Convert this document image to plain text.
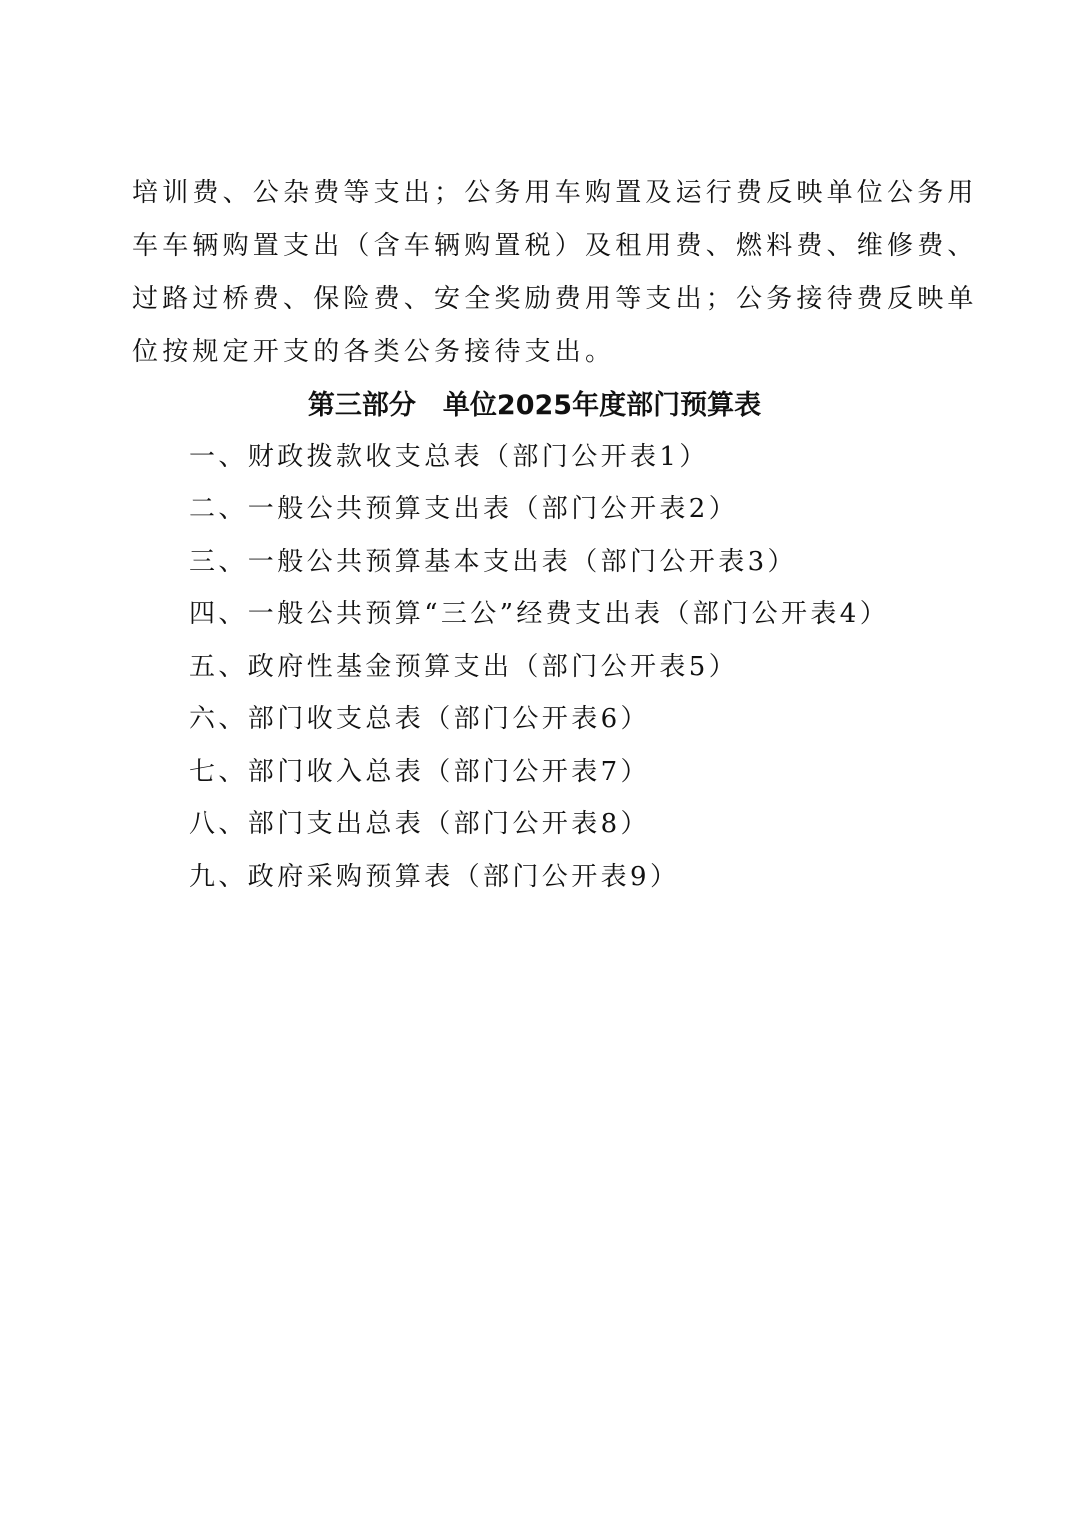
培训费、公杂费等支出；公务用车购置及运行费反映单位公务用
车车辆购置支出（含车辆购置税）及租用费、燃料费、维修费、
过路过桥费、保险费、安全奖励费用等支出；公务接待费反映单
位按规定开支的各类公务接待支出。
第三部分　单位2025年度部门预算表
一、财政拨款收支总表（部门公开表1）
二、一般公共预算支出表（部门公开表2）
三、一般公共预算基本支出表（部门公开表3）
四、一般公共预算“三公”经费支出表（部门公开表4）
五、政府性基金预算支出（部门公开表5）
六、部门收支总表（部门公开表6）
七、部门收入总表（部门公开表7）
八、部门支出总表（部门公开表8）
九、政府采购预算表（部门公开表9）
